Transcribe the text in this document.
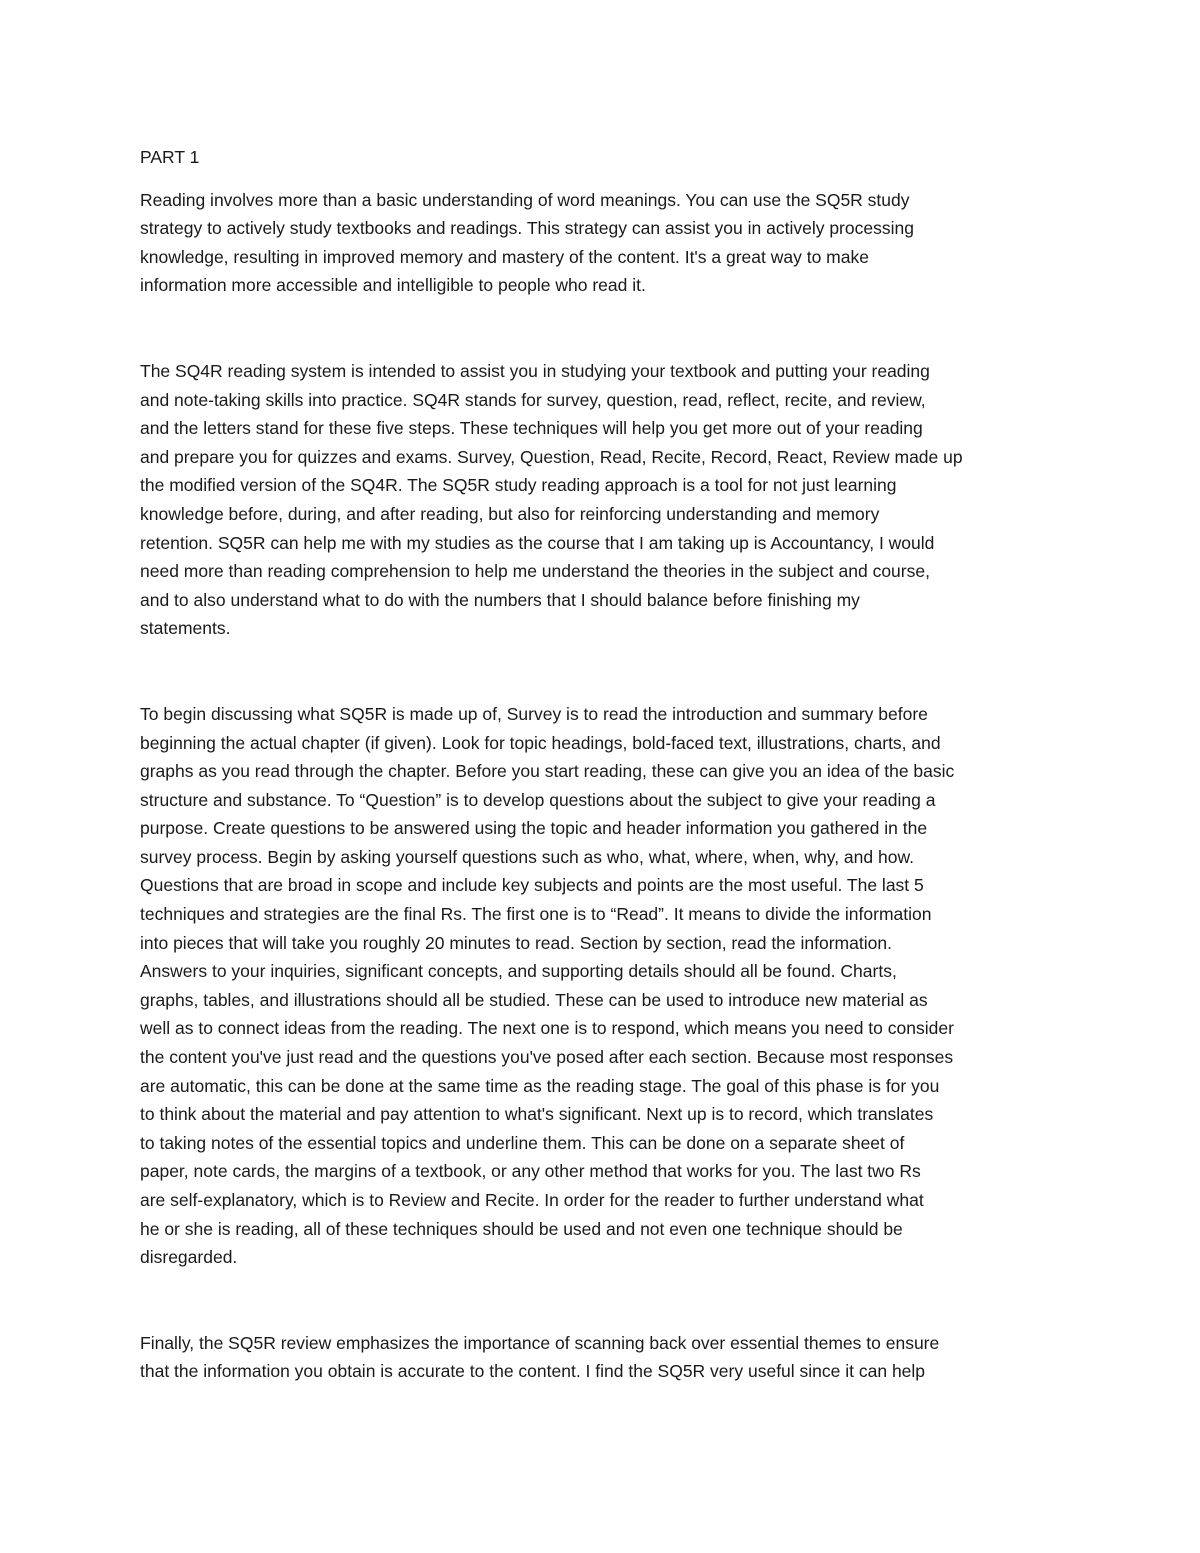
PART 1

Reading involves more than a basic understanding of word meanings. You can use the SQ5R study
strategy to actively study textbooks and readings. This strategy can assist you in actively processing
knowledge, resulting in improved memory and mastery of the content. It's a great way to make
information more accessible and intelligible to people who read it.

The SQ4R reading system is intended to assist you in studying your textbook and putting your reading
and note-taking skills into practice. SQ4R stands for survey, question, read, reflect, recite, and review,
and the letters stand for these five steps. These techniques will help you get more out of your reading
and prepare you for quizzes and exams. Survey, Question, Read, Recite, Record, React, Review made up
the modified version of the SQ4R. The SQ5R study reading approach is a tool for not just learning
knowledge before, during, and after reading, but also for reinforcing understanding and memory
retention. SQ5R can help me with my studies as the course that I am taking up is Accountancy, I would
need more than reading comprehension to help me understand the theories in the subject and course,
and to also understand what to do with the numbers that I should balance before finishing my
statements.

To begin discussing what SQ5R is made up of, Survey is to read the introduction and summary before
beginning the actual chapter (if given). Look for topic headings, bold-faced text, illustrations, charts, and
graphs as you read through the chapter. Before you start reading, these can give you an idea of the basic
structure and substance. To “Question” is to develop questions about the subject to give your reading a
purpose. Create questions to be answered using the topic and header information you gathered in the
survey process. Begin by asking yourself questions such as who, what, where, when, why, and how.
Questions that are broad in scope and include key subjects and points are the most useful. The last 5
techniques and strategies are the final Rs. The first one is to “Read”. It means to divide the information
into pieces that will take you roughly 20 minutes to read. Section by section, read the information.
Answers to your inquiries, significant concepts, and supporting details should all be found. Charts,
graphs, tables, and illustrations should all be studied. These can be used to introduce new material as
well as to connect ideas from the reading. The next one is to respond, which means you need to consider
the content you've just read and the questions you've posed after each section. Because most responses
are automatic, this can be done at the same time as the reading stage. The goal of this phase is for you
to think about the material and pay attention to what's significant. Next up is to record, which translates
to taking notes of the essential topics and underline them. This can be done on a separate sheet of
paper, note cards, the margins of a textbook, or any other method that works for you. The last two Rs
are self-explanatory, which is to Review and Recite. In order for the reader to further understand what
he or she is reading, all of these techniques should be used and not even one technique should be
disregarded.

Finally, the SQ5R review emphasizes the importance of scanning back over essential themes to ensure
that the information you obtain is accurate to the content. I find the SQ5R very useful since it can help
